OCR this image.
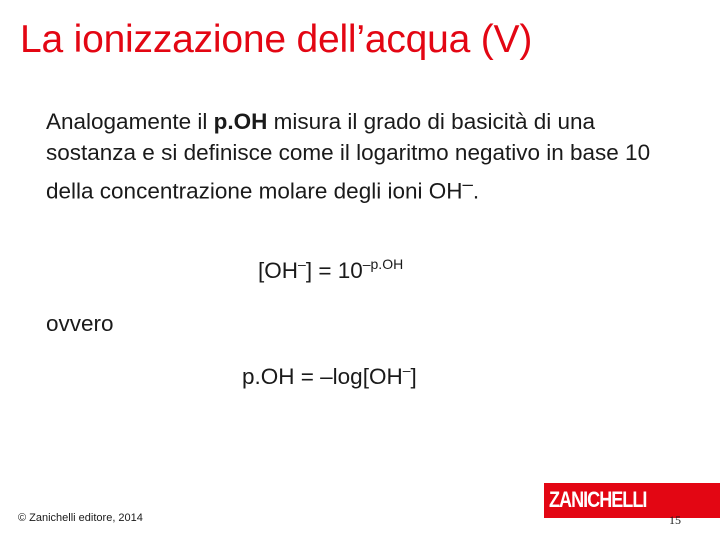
La ionizzazione dell’acqua (V)
Analogamente il p.OH misura il grado di basicità di una sostanza e si definisce come il logaritmo negativo in base 10 della concentrazione molare degli ioni OH–.
$[OH^-] = 10^{-p.OH}$
ovvero
p.OH = –log[OH–]
© Zanichelli editore, 2014
ZANICHELLI
15
